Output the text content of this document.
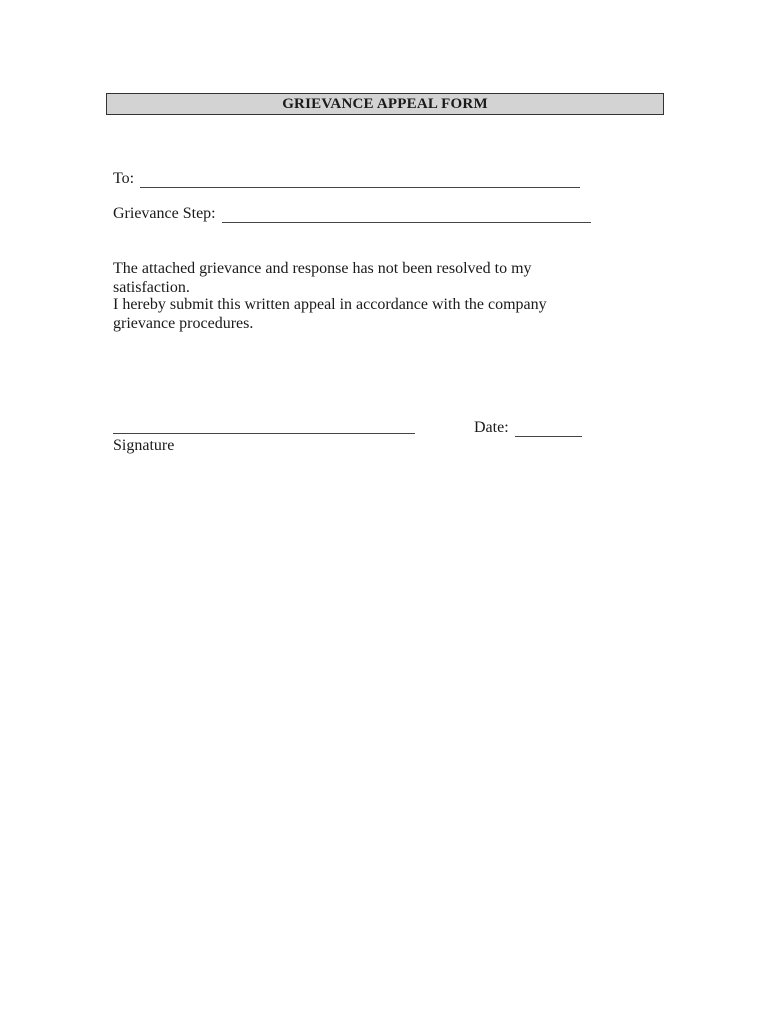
GRIEVANCE APPEAL FORM
To:
Grievance Step:
The attached grievance and response has not been resolved to my satisfaction.
I hereby submit this written appeal in accordance with the company grievance procedures.
Signature
Date:
